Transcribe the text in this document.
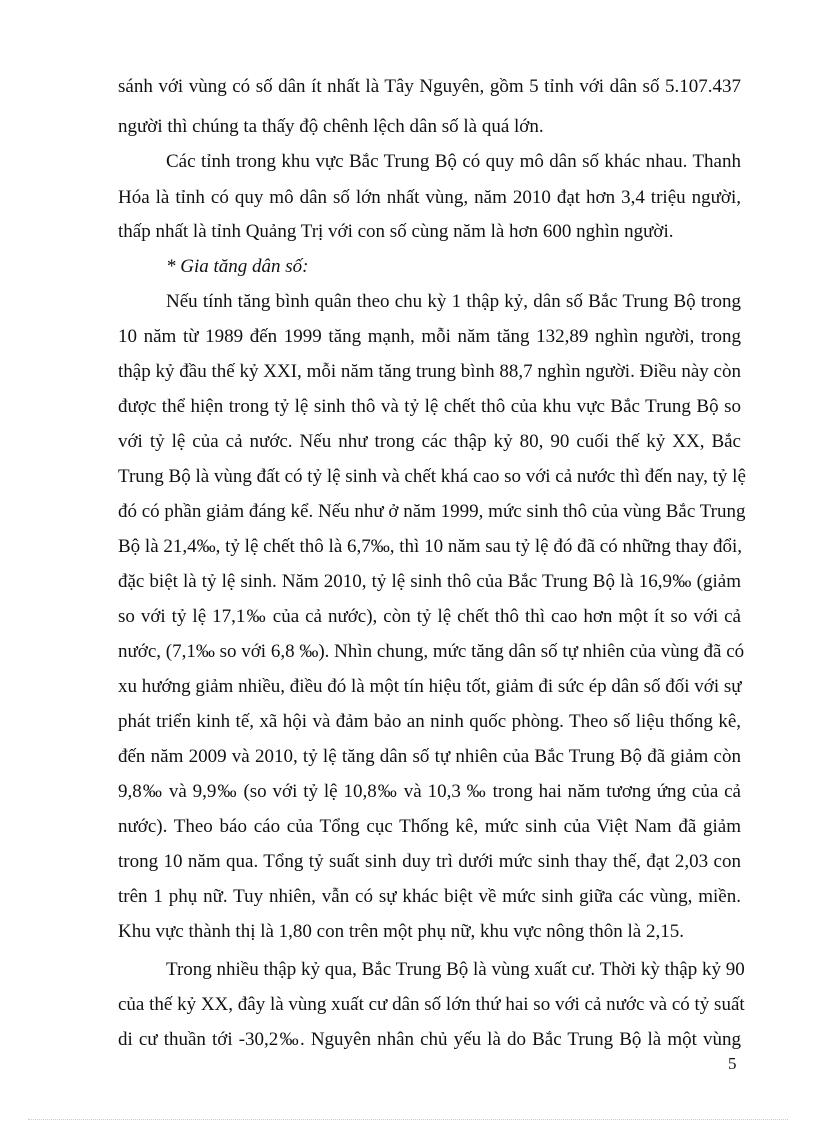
sánh với vùng có số dân ít nhất là Tây Nguyên, gồm 5 tỉnh với dân số 5.107.437
người thì chúng ta thấy độ chênh lệch dân số là quá lớn.
Các tỉnh trong khu vực Bắc Trung Bộ có quy mô dân số khác nhau. Thanh
Hóa là tỉnh có quy mô dân số lớn nhất vùng, năm 2010 đạt hơn 3,4 triệu người,
thấp nhất là tỉnh Quảng Trị với con số cùng năm là hơn 600 nghìn người.
* Gia tăng dân số:
Nếu tính tăng bình quân theo chu kỳ 1 thập kỷ, dân số Bắc Trung Bộ trong
10 năm từ 1989 đến 1999 tăng mạnh, mỗi năm tăng 132,89 nghìn người, trong
thập kỷ đầu thế kỷ XXI, mỗi năm tăng trung bình 88,7 nghìn người. Điều này còn
được thể hiện trong tỷ lệ sinh thô và tỷ lệ chết thô của khu vực Bắc Trung Bộ so
với tỷ lệ của cả nước. Nếu như trong các thập kỷ 80, 90 cuối thế kỷ XX, Bắc
Trung Bộ là vùng đất có tỷ lệ sinh và chết khá cao so với cả nước thì đến nay, tỷ lệ
đó có phần giảm đáng kể. Nếu như ở năm 1999, mức sinh thô của vùng Bắc Trung
Bộ là 21,4‰, tỷ lệ chết thô là 6,7‰, thì 10 năm sau tỷ lệ đó đã có những thay đổi,
đặc biệt là tỷ lệ sinh. Năm 2010, tỷ lệ sinh thô của Bắc Trung Bộ là 16,9‰ (giảm
so với tỷ lệ 17,1‰ của cả nước), còn tỷ lệ chết thô thì cao hơn một ít so với cả
nước, (7,1‰ so với 6,8 ‰). Nhìn chung, mức tăng dân số tự nhiên của vùng đã có
xu hướng giảm nhiều, điều đó là một tín hiệu tốt, giảm đi sức ép dân số đối với sự
phát triển kinh tế, xã hội và đảm bảo an ninh quốc phòng. Theo số liệu thống kê,
đến năm 2009 và 2010, tỷ lệ tăng dân số tự nhiên của Bắc Trung Bộ đã giảm còn
9,8‰ và 9,9‰ (so với tỷ lệ 10,8‰ và 10,3 ‰ trong hai năm tương ứng của cả
nước). Theo báo cáo của Tổng cục Thống kê, mức sinh của Việt Nam đã giảm
trong 10 năm qua. Tổng tỷ suất sinh duy trì dưới mức sinh thay thế, đạt 2,03 con
trên 1 phụ nữ. Tuy nhiên, vẫn có sự khác biệt về mức sinh giữa các vùng, miền.
Khu vực thành thị là 1,80 con trên một phụ nữ, khu vực nông thôn là 2,15.
Trong nhiều thập kỷ qua, Bắc Trung Bộ là vùng xuất cư. Thời kỳ thập kỷ 90
của thế kỷ XX, đây là vùng xuất cư dân số lớn thứ hai so với cả nước và có tỷ suất
di cư thuần tới -30,2‰. Nguyên nhân chủ yếu là do Bắc Trung Bộ là một vùng
5
